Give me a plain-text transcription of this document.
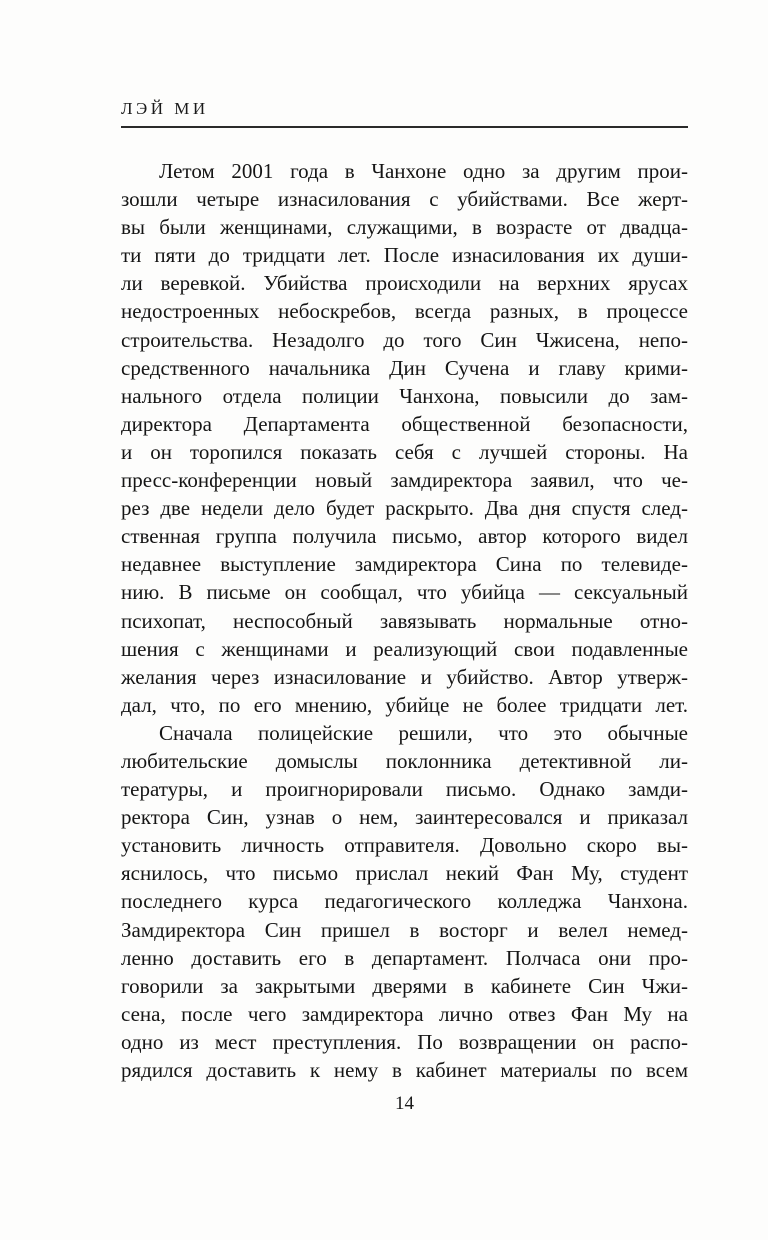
ЛЭЙ МИ
Летом 2001 года в Чанхоне одно за другим прои-
зошли четыре изнасилования с убийствами. Все жерт-
вы были женщинами, служащими, в возрасте от двадца-
ти пяти до тридцати лет. После изнасилования их души-
ли веревкой. Убийства происходили на верхних ярусах
недостроенных небоскребов, всегда разных, в процессе
строительства. Незадолго до того Син Чжисена, непо-
средственного начальника Дин Сучена и главу крими-
нального отдела полиции Чанхона, повысили до зам-
директора Департамента общественной безопасности,
и он торопился показать себя с лучшей стороны. На
пресс-конференции новый замдиректора заявил, что че-
рез две недели дело будет раскрыто. Два дня спустя след-
ственная группа получила письмо, автор которого видел
недавнее выступление замдиректора Сина по телевиде-
нию. В письме он сообщал, что убийца — сексуальный
психопат, неспособный завязывать нормальные отно-
шения с женщинами и реализующий свои подавленные
желания через изнасилование и убийство. Автор утверж-
дал, что, по его мнению, убийце не более тридцати лет.
Сначала полицейские решили, что это обычные
любительские домыслы поклонника детективной ли-
тературы, и проигнорировали письмо. Однако замди-
ректора Син, узнав о нем, заинтересовался и приказал
установить личность отправителя. Довольно скоро вы-
яснилось, что письмо прислал некий Фан Му, студент
последнего курса педагогического колледжа Чанхона.
Замдиректора Син пришел в восторг и велел немед-
ленно доставить его в департамент. Полчаса они про-
говорили за закрытыми дверями в кабинете Син Чжи-
сена, после чего замдиректора лично отвез Фан Му на
одно из мест преступления. По возвращении он распо-
рядился доставить к нему в кабинет материалы по всем
14
